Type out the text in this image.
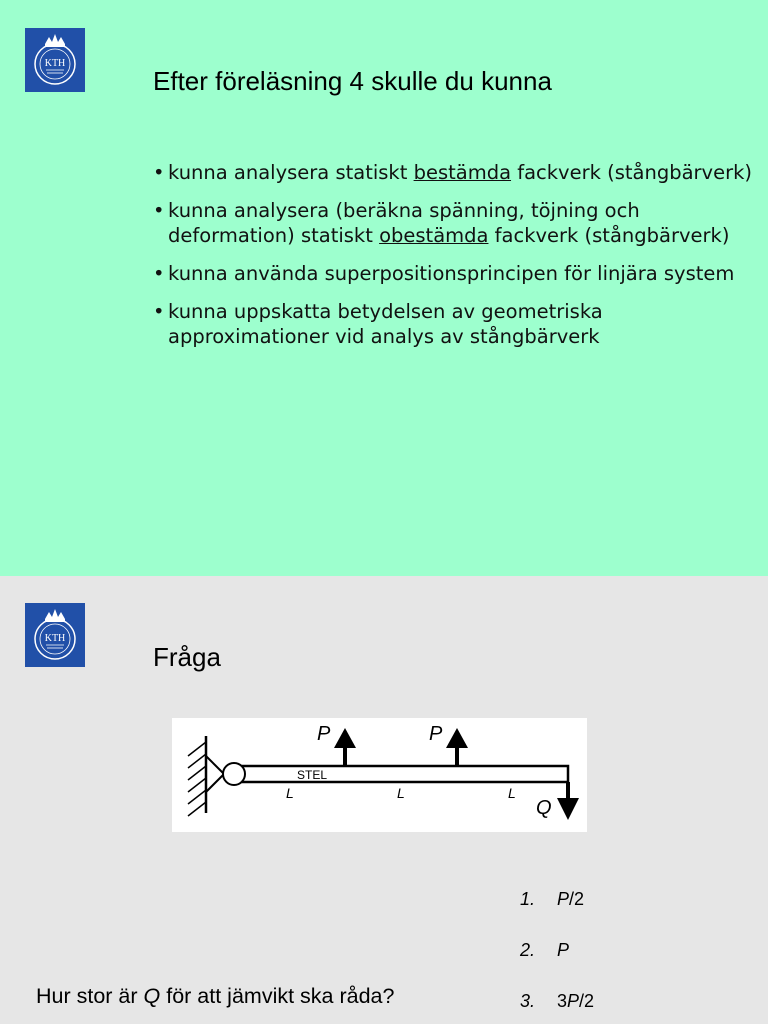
KTH
Efter föreläsning 4 skulle du kunna
• kunna analysera statiskt bestämda fackverk (stångbärverk)
• kunna analysera (beräkna spänning, töjning och deformation) statiskt obestämda fackverk (stångbärverk)
• kunna använda superpositionsprincipen för linjära system
• kunna uppskatta betydelsen av geometriska approximationer vid analys av stångbärverk
KTH
Fråga
P	P
STEL
L	L	L
Q
Hur stor är Q för att jämvikt ska råda?
1. P/2
2. P
3. 3P/2
